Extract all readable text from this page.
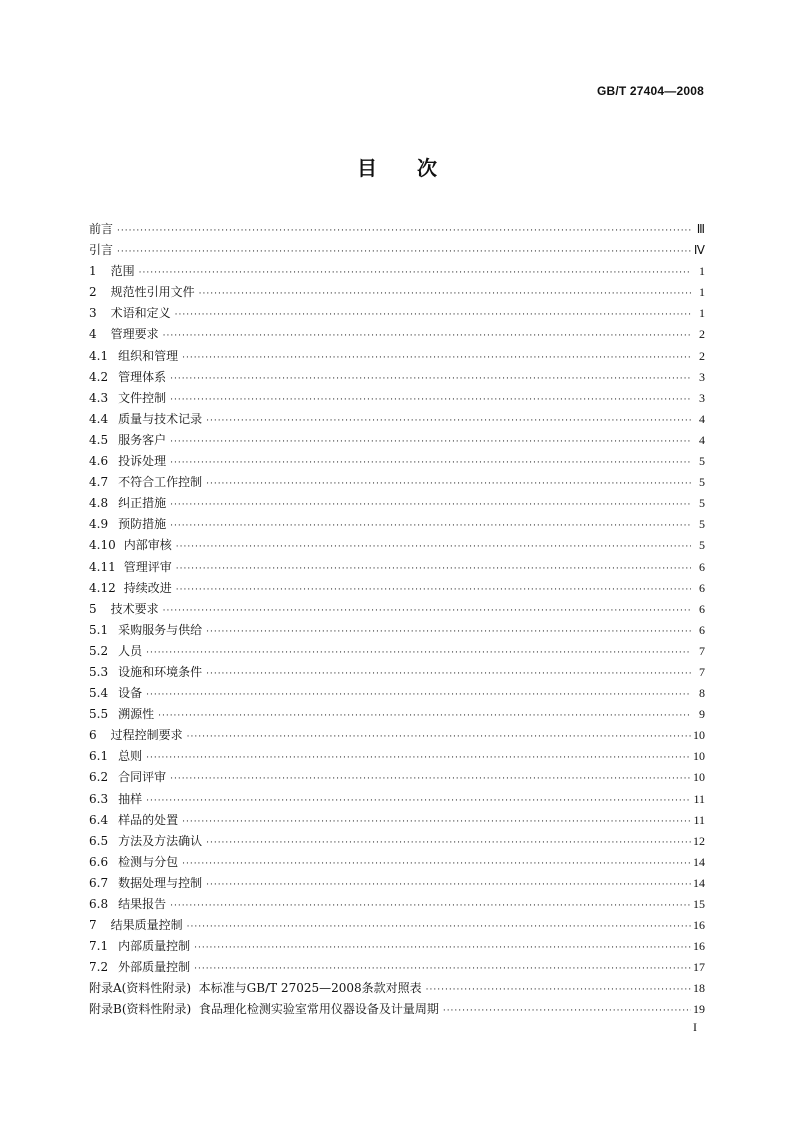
GB/T 27404—2008
目次
前言 ·····	Ⅲ
引言 ·····	Ⅳ
1 范围 ·····	1
2 规范性引用文件 ·····	1
3 术语和定义 ·····	1
4 管理要求 ·····	2
4.1 组织和管理 ·····	2
4.2 管理体系 ·····	3
4.3 文件控制 ·····	3
4.4 质量与技术记录 ·····	4
4.5 服务客户 ·····	4
4.6 投诉处理 ·····	5
4.7 不符合工作控制 ·····	5
4.8 纠正措施 ·····	5
4.9 预防措施 ·····	5
4.10 内部审核 ·····	5
4.11 管理评审 ·····	6
4.12 持续改进 ·····	6
5 技术要求 ·····	6
5.1 采购服务与供给 ·····	6
5.2 人员 ·····	7
5.3 设施和环境条件 ·····	7
5.4 设备 ·····	8
5.5 溯源性 ·····	9
6 过程控制要求 ·····	10
6.1 总则 ·····	10
6.2 合同评审 ·····	10
6.3 抽样 ·····	11
6.4 样品的处置 ·····	11
6.5 方法及方法确认 ·····	12
6.6 检测与分包 ·····	14
6.7 数据处理与控制 ·····	14
6.8 结果报告 ·····	15
7 结果质量控制 ·····	16
7.1 内部质量控制 ·····	16
7.2 外部质量控制 ·····	17
附录A (资料性附录)  本标准与GB/T 27025—2008条款对照表 ·····	18
附录B (资料性附录)  食品理化检测实验室常用仪器设备及计量周期 ·····	19
I
